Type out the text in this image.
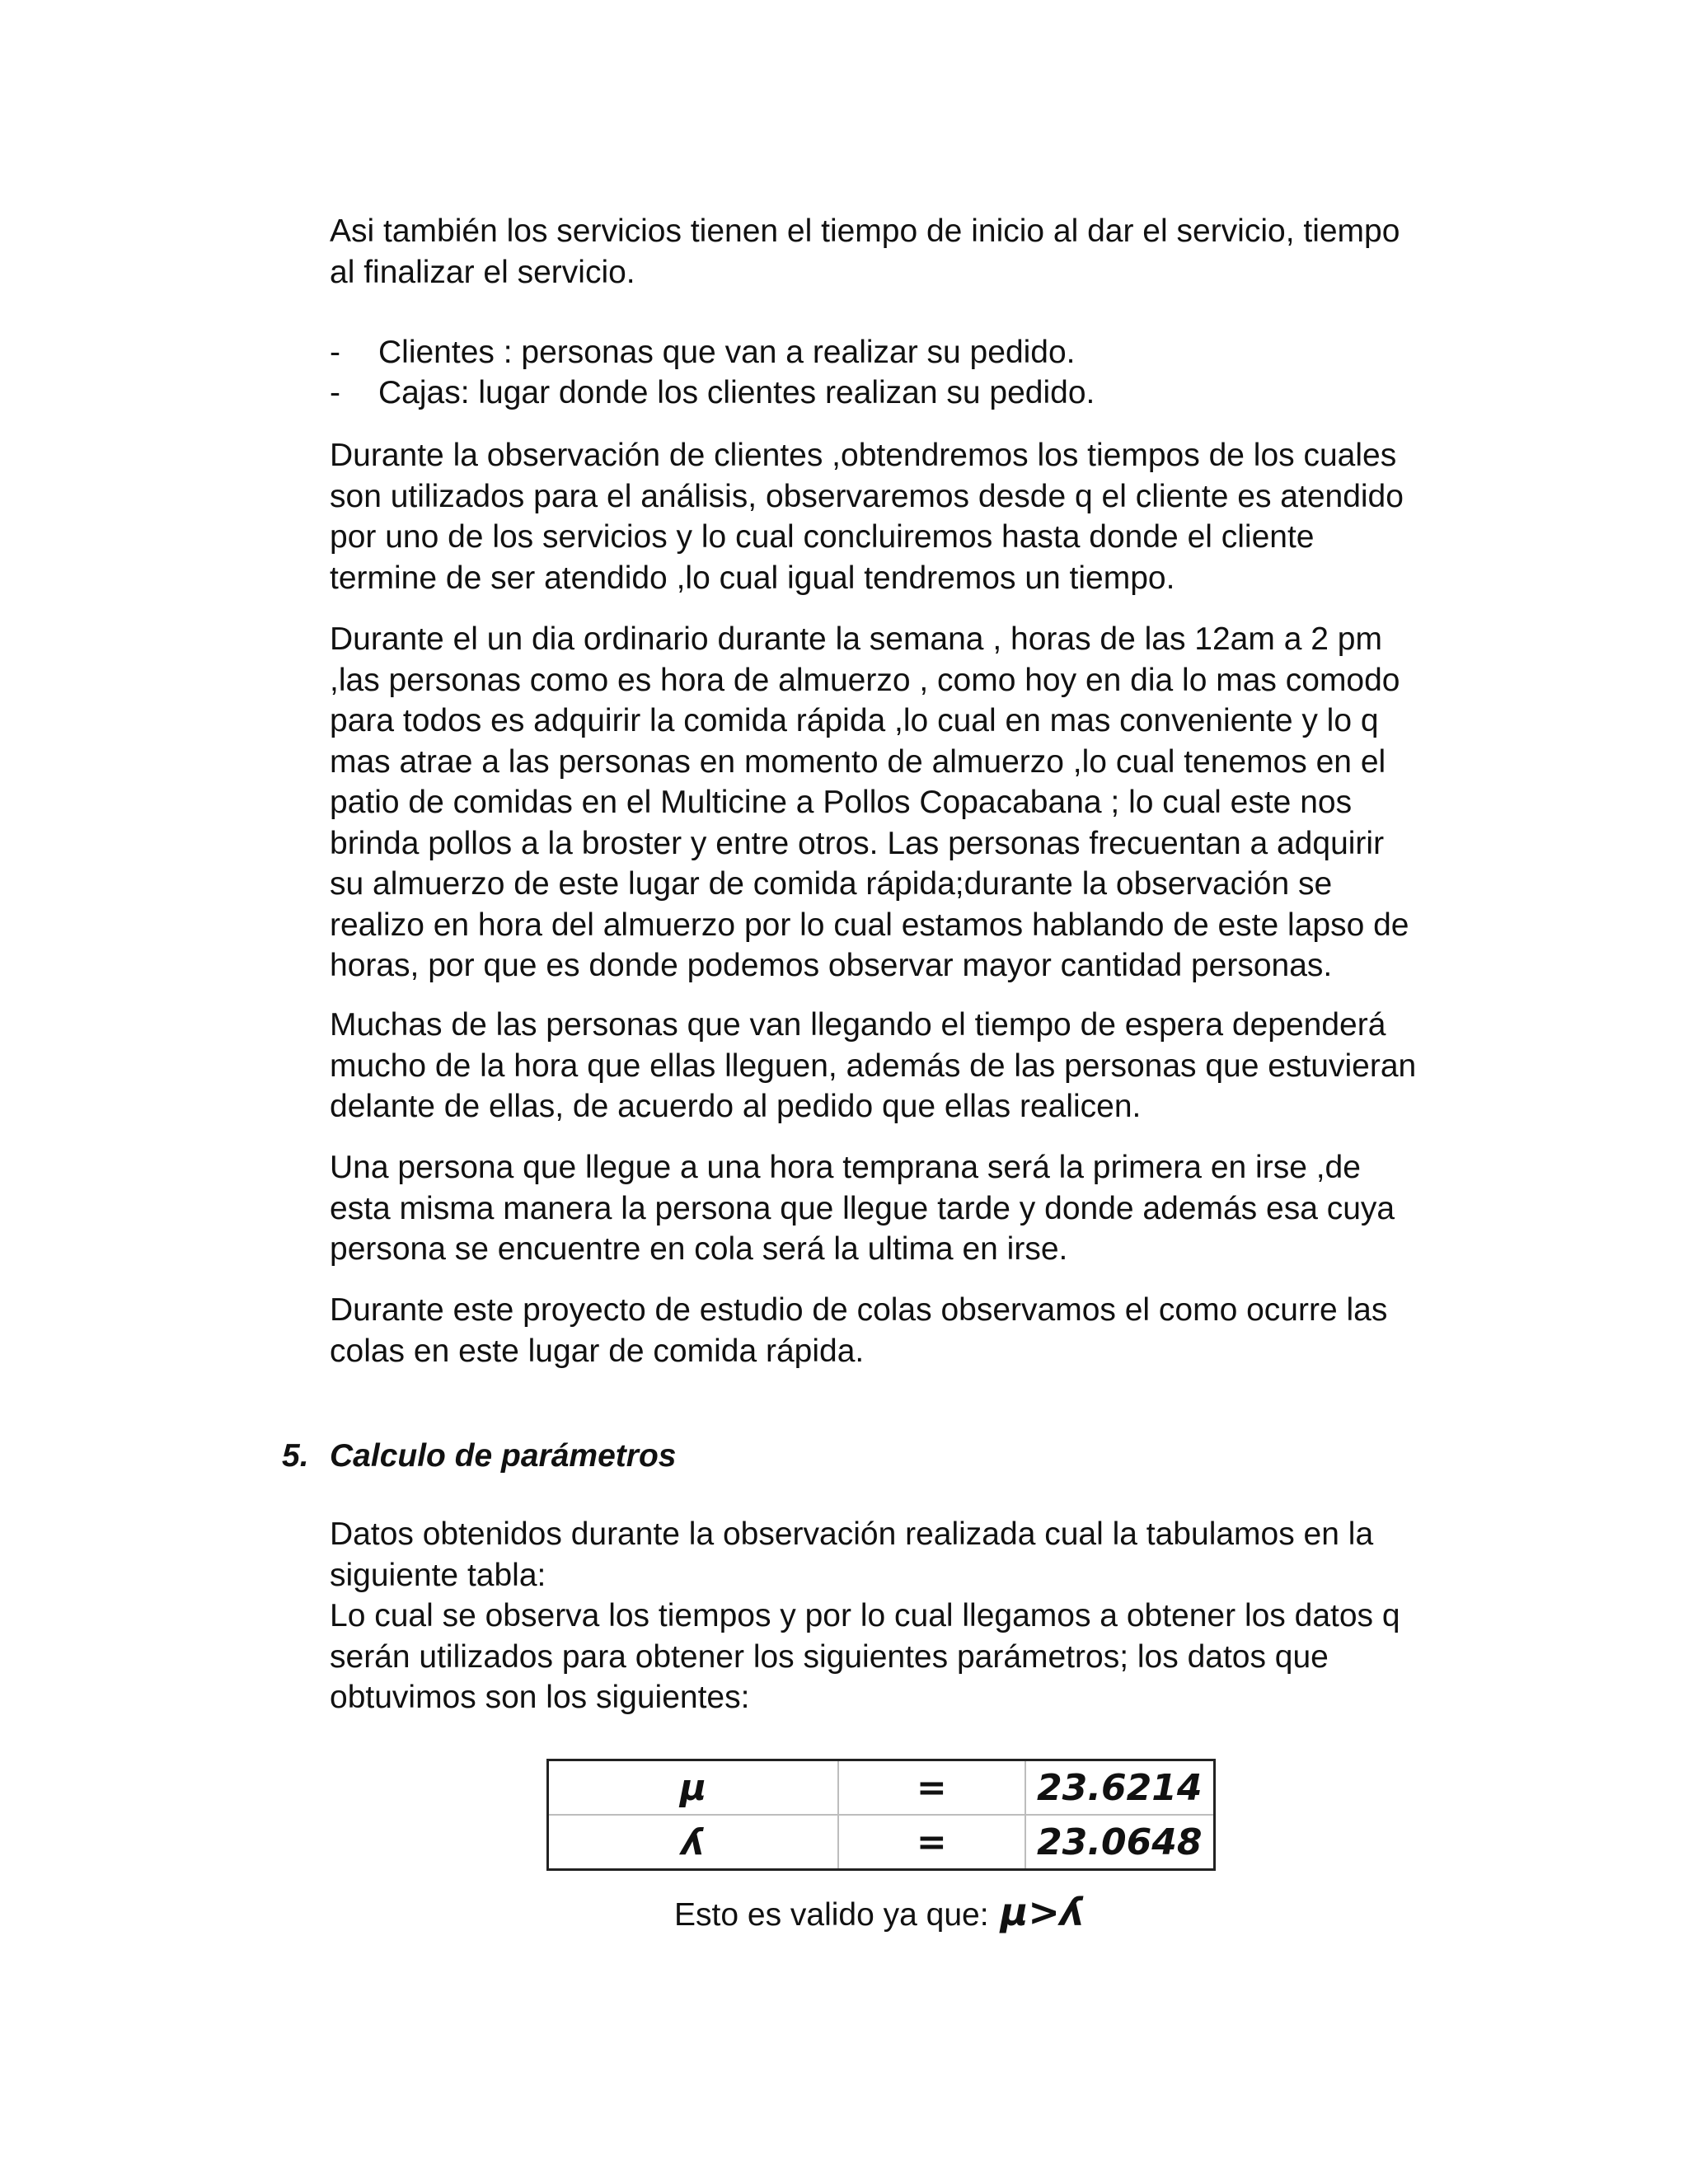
Asi también los servicios tienen el tiempo de inicio al dar el servicio, tiempo
al finalizar el servicio.
- Clientes : personas que van a realizar su pedido.
- Cajas: lugar donde los clientes realizan su pedido.
Durante la observación de clientes ,obtendremos los tiempos de los cuales
son utilizados para el análisis, observaremos desde q el cliente es atendido
por uno de los servicios y lo cual concluiremos hasta donde el cliente
termine de ser atendido ,lo cual igual tendremos un tiempo.
Durante el un dia ordinario durante la semana , horas de las 12am a 2 pm
,las personas como es hora de almuerzo , como hoy en dia lo mas comodo
para todos es adquirir la comida rápida ,lo cual en mas conveniente y lo q
mas atrae a las personas en momento de almuerzo ,lo cual tenemos en el
patio de comidas en el Multicine a Pollos Copacabana ; lo cual este nos
brinda pollos a la broster y entre otros. Las personas frecuentan a adquirir
su almuerzo de este lugar de comida rápida;durante la observación se
realizo en hora del almuerzo por lo cual estamos hablando de este lapso de
horas, por que es donde podemos observar mayor cantidad personas.
Muchas de las personas que van llegando el tiempo de espera dependerá
mucho de la hora que ellas lleguen, además de las personas que estuvieran
delante de ellas, de acuerdo al pedido que ellas realicen.
Una persona que llegue a una hora temprana será la primera en irse ,de
esta misma manera la persona que llegue tarde y donde además esa cuya
persona se encuentre en cola será la ultima en irse.
Durante este proyecto de estudio de colas observamos el como ocurre las
colas en este lugar de comida rápida.
5. Calculo de parámetros
Datos obtenidos durante la observación realizada cual la tabulamos en la
siguiente tabla:
Lo cual se observa los tiempos y por lo cual llegamos a obtener los datos q
serán utilizados para obtener los siguientes parámetros; los datos que
obtuvimos son los siguientes:
μ	=	23.6214
ʎ	=	23.0648
Esto es valido ya que: μ>ʎ
